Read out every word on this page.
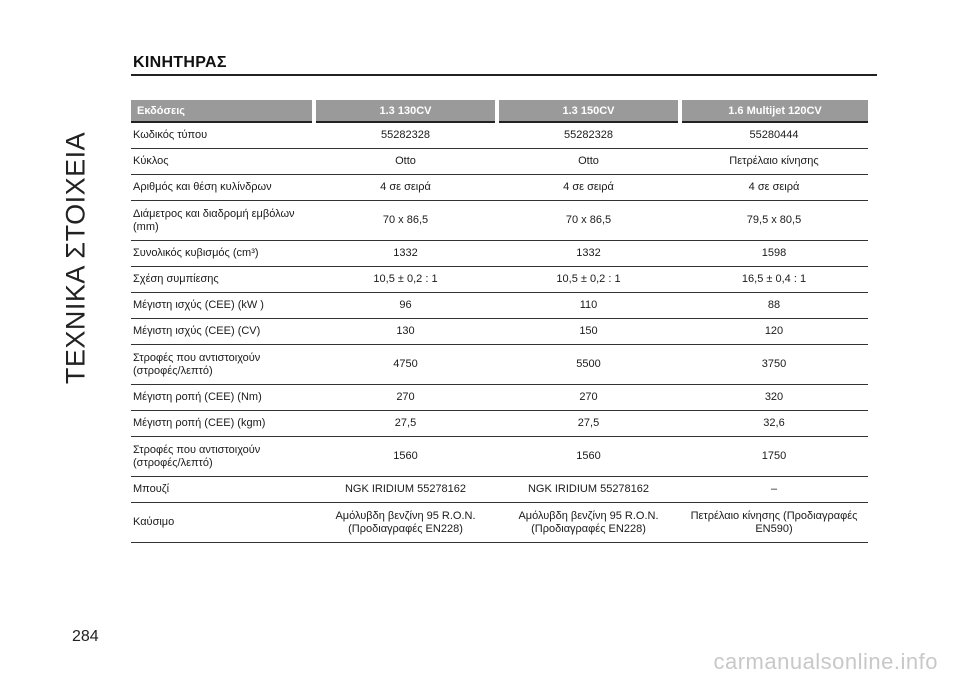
ΤΕΧΝΙΚΑ ΣΤΟΙΧΕΙΑ
ΚΙΝΗΤΗΡΑΣ
Εκδόσεις	1.3 130CV	1.3 150CV	1.6 Multijet 120CV
Κωδικός τύπου	55282328	55282328	55280444
Κύκλος	Otto	Otto	Πετρέλαιο κίνησης
Αριθμός και θέση κυλίνδρων	4 σε σειρά	4 σε σειρά	4 σε σειρά
Διάμετρος και διαδρομή εμβόλων (mm)	70 x 86,5	70 x 86,5	79,5 x 80,5
Συνολικός κυβισμός (cm³)	1332	1332	1598
Σχέση συμπίεσης	10,5 ± 0,2 : 1	10,5 ± 0,2 : 1	16,5 ± 0,4 : 1
Μέγιστη ισχύς (CEE) (kW )	96	110	88
Μέγιστη ισχύς (CEE) (CV)	130	150	120
Στροφές που αντιστοιχούν (στροφές/λεπτό)	4750	5500	3750
Μέγιστη ροπή (CEE) (Nm)	270	270	320
Μέγιστη ροπή (CEE) (kgm)	27,5	27,5	32,6
Στροφές που αντιστοιχούν (στροφές/λεπτό)	1560	1560	1750
Μπουζί	NGK IRIDIUM 55278162	NGK IRIDIUM 55278162	–
Καύσιμο	Αμόλυβδη βενζίνη 95 R.O.N. (Προδιαγραφές EN228)	Αμόλυβδη βενζίνη 95 R.O.N. (Προδιαγραφές EN228)	Πετρέλαιο κίνησης (Προδιαγραφές EN590)
284
carmanualsonline.info
